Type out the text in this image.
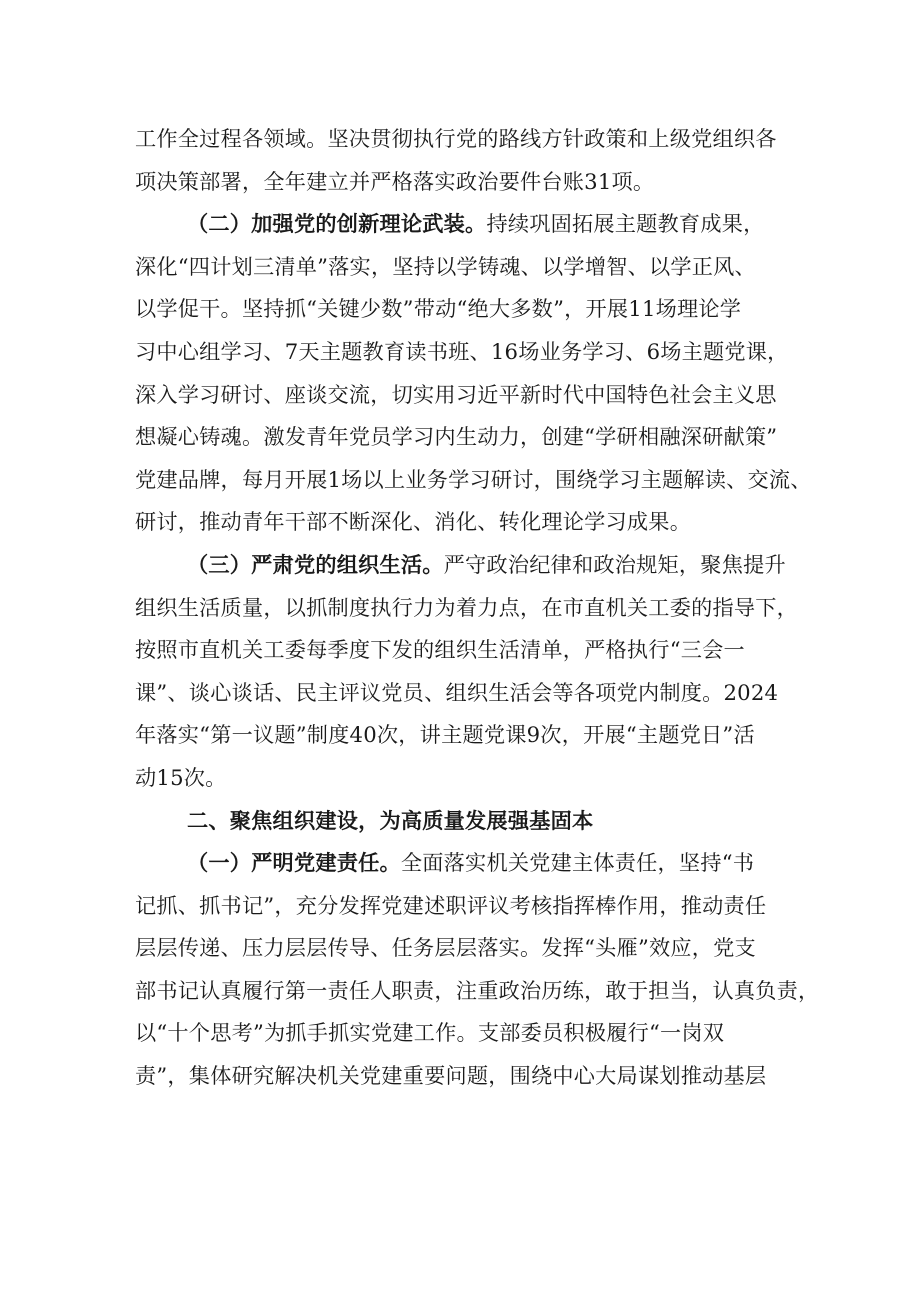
工作全过程各领域。坚决贯彻执行党的路线方针政策和上级党组织各
项决策部署，全年建立并严格落实政治要件台账31项。
（二）加强党的创新理论武装。持续巩固拓展主题教育成果，
深化“四计划三清单”落实，坚持以学铸魂、以学增智、以学正风、
以学促干。坚持抓“关键少数”带动“绝大多数”，开展11场理论学
习中心组学习、7天主题教育读书班、16场业务学习、6场主题党课，
深入学习研讨、座谈交流，切实用习近平新时代中国特色社会主义思
想凝心铸魂。激发青年党员学习内生动力，创建“学研相融深研献策”
党建品牌，每月开展1场以上业务学习研讨，围绕学习主题解读、交流、
研讨，推动青年干部不断深化、消化、转化理论学习成果。
（三）严肃党的组织生活。严守政治纪律和政治规矩，聚焦提升
组织生活质量，以抓制度执行力为着力点，在市直机关工委的指导下，
按照市直机关工委每季度下发的组织生活清单，严格执行“三会一
课”、谈心谈话、民主评议党员、组织生活会等各项党内制度。2024
年落实“第一议题”制度40次，讲主题党课9次，开展“主题党日”活
动15次。
二、聚焦组织建设，为高质量发展强基固本
（一）严明党建责任。全面落实机关党建主体责任，坚持“书
记抓、抓书记”，充分发挥党建述职评议考核指挥棒作用，推动责任
层层传递、压力层层传导、任务层层落实。发挥“头雁”效应，党支
部书记认真履行第一责任人职责，注重政治历练，敢于担当，认真负责，
以“十个思考”为抓手抓实党建工作。支部委员积极履行“一岗双
责”，集体研究解决机关党建重要问题，围绕中心大局谋划推动基层
